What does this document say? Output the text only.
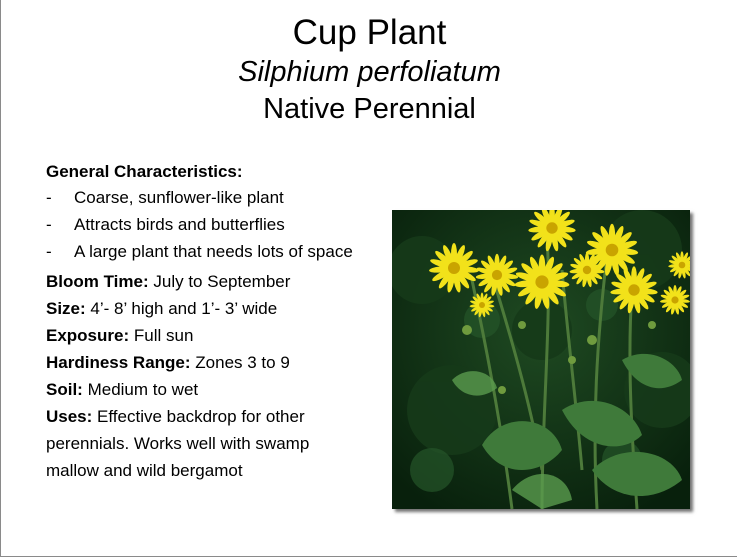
Cup Plant
Silphium perfoliatum
Native Perennial
General Characteristics:
- Coarse, sunflower-like plant
- Attracts birds and butterflies
- A large plant that needs lots of space
Bloom Time: July to September
Size: 4’- 8’ high and 1’- 3’ wide
Exposure: Full sun
Hardiness Range: Zones 3 to 9
Soil: Medium to wet
Uses: Effective backdrop for other perennials. Works well with swamp mallow and wild bergamot
